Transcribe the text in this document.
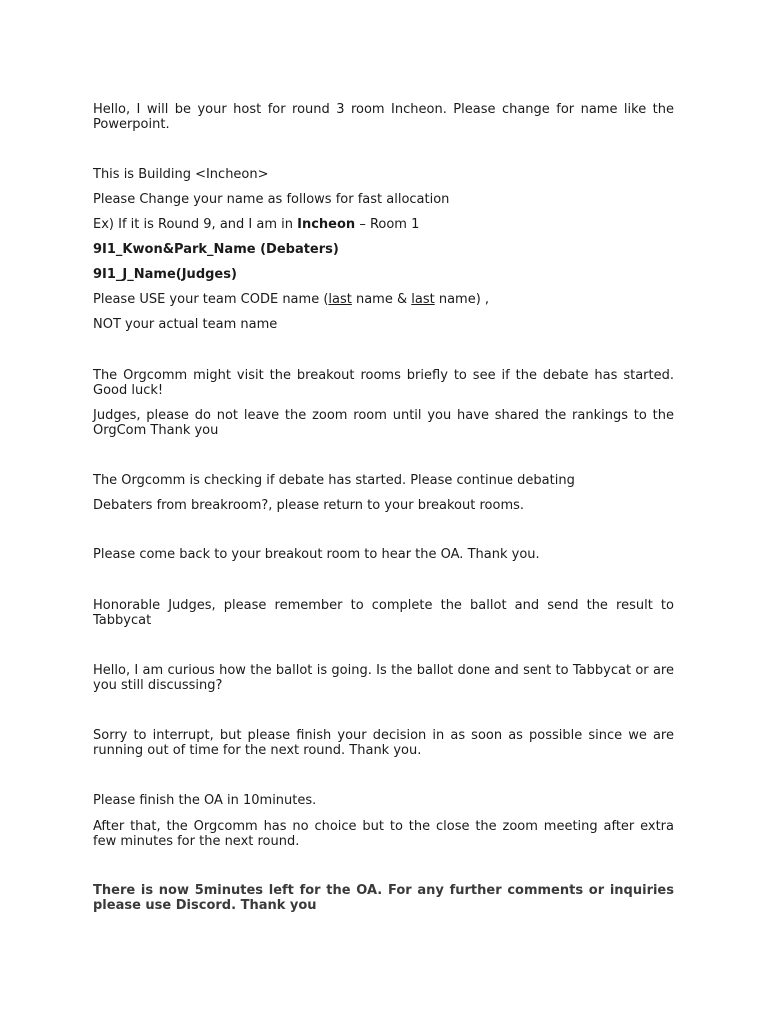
Hello, I will be your host for round 3 room Incheon. Please change for name like the Powerpoint.

This is Building <Incheon>

Please Change your name as follows for fast allocation

Ex) If it is Round 9, and I am in Incheon – Room 1

9I1_Kwon&Park_Name (Debaters)

9I1_J_Name(Judges)

Please USE your team CODE name (last name & last name) ,

NOT your actual team name

The Orgcomm might visit the breakout rooms briefly to see if the debate has started. Good luck!

Judges, please do not leave the zoom room until you have shared the rankings to the OrgCom Thank you

The Orgcomm is checking if debate has started. Please continue debating

Debaters from breakroom?, please return to your breakout rooms.

Please come back to your breakout room to hear the OA. Thank you.

Honorable Judges, please remember to complete the ballot and send the result to Tabbycat

Hello, I am curious how the ballot is going. Is the ballot done and sent to Tabbycat or are you still discussing?

Sorry to interrupt, but please finish your decision in as soon as possible since we are running out of time for the next round. Thank you.

Please finish the OA in 10minutes.

After that, the Orgcomm has no choice but to the close the zoom meeting after extra few minutes for the next round.

There is now 5minutes left for the OA. For any further comments or inquiries please use Discord. Thank you
